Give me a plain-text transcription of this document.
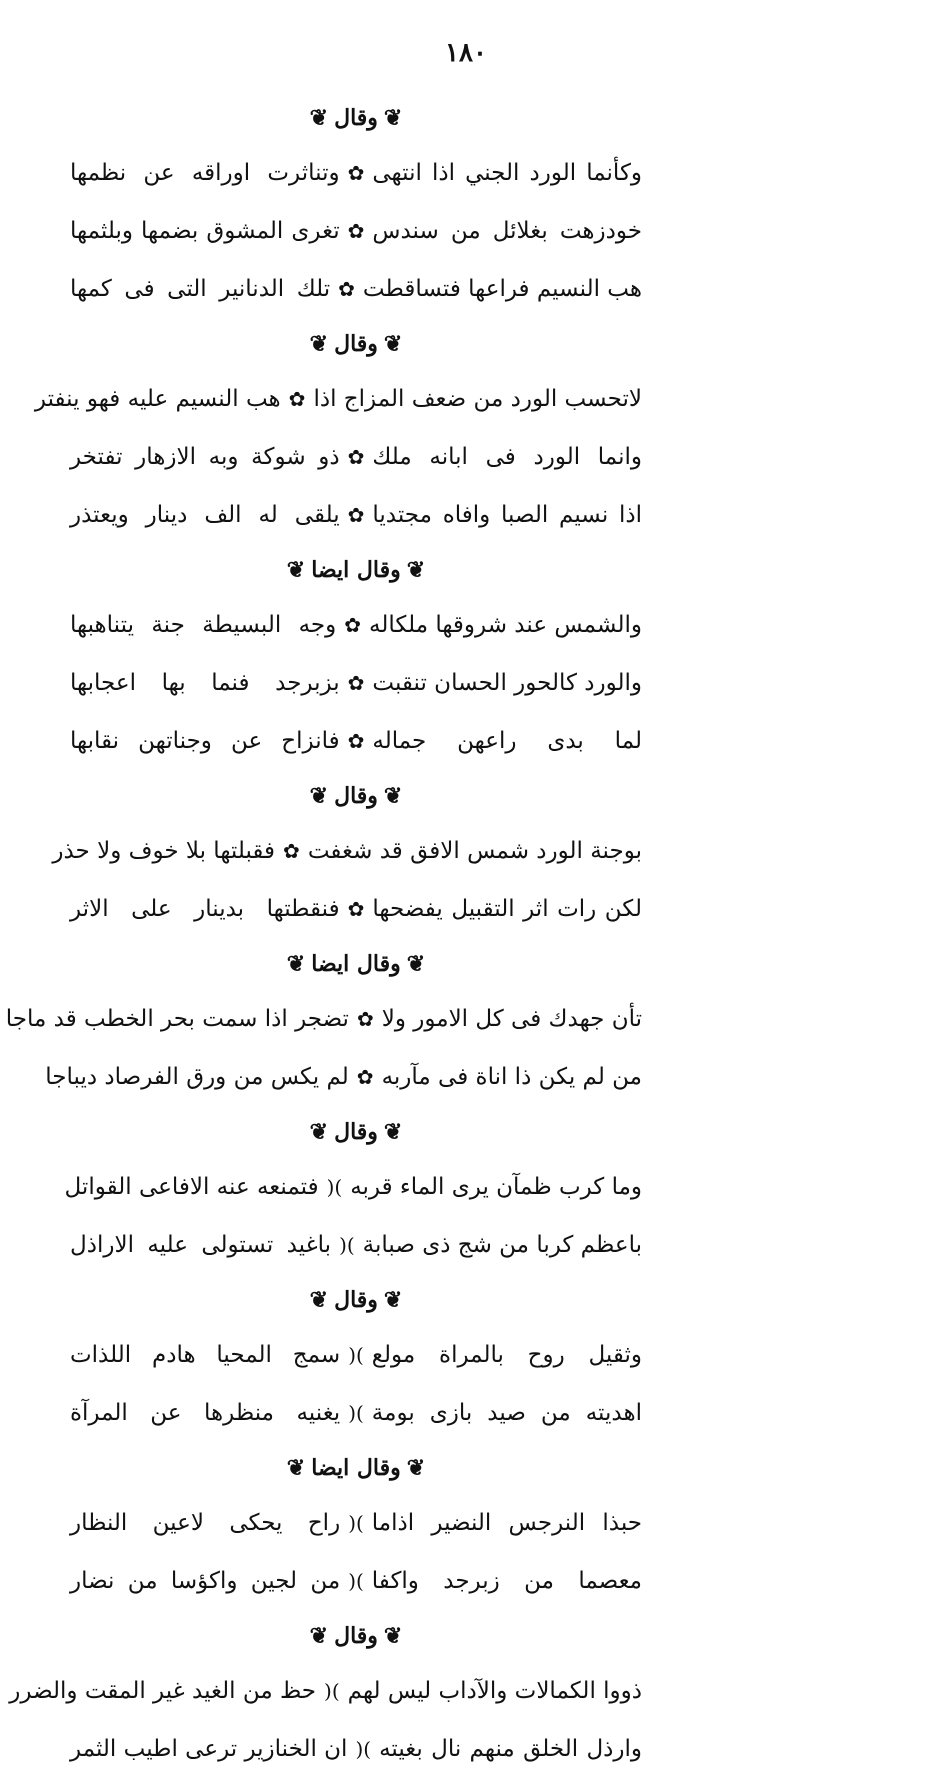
١٨٠
❦وقال❦
وكأنما الورد الجني اذا انتهى
✿
وتناثرت اوراقه عن نظمها
خودزهت بغلائل من سندس
✿
تغرى المشوق بضمها وبلثمها
هب النسيم فراعها فتساقطت
✿
تلك الدنانير التى فى كمها
❦وقال❦
لاتحسب الورد من ضعف المزاج اذا
✿
هب النسيم عليه فهو ينفتر
وانما الورد فى ابانه ملك
✿
ذو شوكة وبه الازهار تفتخر
اذا نسيم الصبا وافاه مجتديا
✿
يلقى له الف دينار ويعتذر
❦وقال ايضا❦
والشمس عند شروقها ملكاله
✿
وجه البسيطة جنة يتناهبها
والورد كالحور الحسان تنقبت
✿
بزبرجد فنما بها اعجابها
لما بدى راعهن جماله
✿
فانزاح عن وجناتهن نقابها
❦وقال❦
بوجنة الورد شمس الافق قد شغفت
✿
فقبلتها بلا خوف ولا حذر
لكن رات اثر التقبيل يفضحها
✿
فنقطتها بدينار على الاثر
❦وقال ايضا❦
تأن جهدك فى كل الامور ولا
✿
تضجر اذا سمت بحر الخطب قد ماجا
من لم يكن ذا اناة فى مآربه
✿
لم يكس من ورق الفرصاد ديباجا
❦وقال❦
وما كرب ظمآن يرى الماء قربه
)(
فتمنعه عنه الافاعى القواتل
باعظم كربا من شج ذى صبابة
)(
باغيد تستولى عليه الاراذل
❦وقال❦
وثقيل روح بالمراة مولع
)(
سمج المحيا هادم اللذات
اهديته من صيد بازى بومة
)(
يغنيه منظرها عن المرآة
❦وقال ايضا❦
حبذا النرجس النضير اذاما
)(
راح يحكى لاعين النظار
معصما من زبرجد واكفا
)(
من لجين واكؤسا من نضار
❦وقال❦
ذووا الكمالات والآداب ليس لهم
)(
حظ من الغيد غير المقت والضرر
وارذل الخلق منهم نال بغيته
)(
ان الخنازير ترعى اطيب الثمر
